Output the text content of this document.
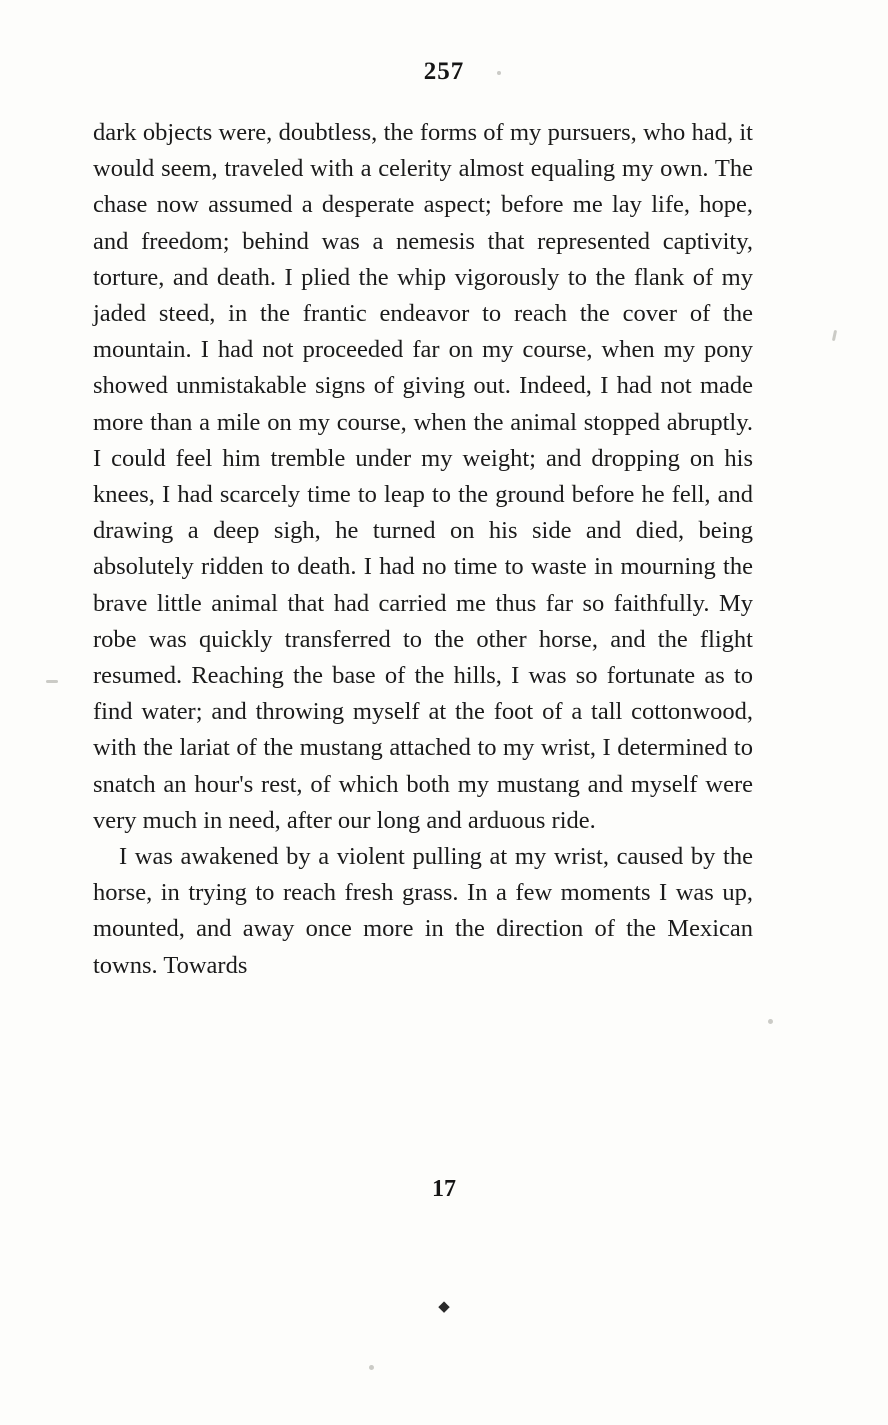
257

dark objects were, doubtless, the forms of my pursuers, who had, it would seem, traveled with a celerity almost equaling my own. The chase now assumed a desperate aspect; before me lay life, hope, and freedom; behind was a nemesis that represented captivity, torture, and death. I plied the whip vigorously to the flank of my jaded steed, in the frantic endeavor to reach the cover of the mountain. I had not proceeded far on my course, when my pony showed unmistakable signs of giving out. Indeed, I had not made more than a mile on my course, when the animal stopped abruptly. I could feel him tremble under my weight; and dropping on his knees, I had scarcely time to leap to the ground before he fell, and drawing a deep sigh, he turned on his side and died, being absolutely ridden to death. I had no time to waste in mourning the brave little animal that had carried me thus far so faithfully. My robe was quickly transferred to the other horse, and the flight resumed. Reaching the base of the hills, I was so fortunate as to find water; and throwing myself at the foot of a tall cottonwood, with the lariat of the mustang attached to my wrist, I determined to snatch an hour's rest, of which both my mustang and myself were very much in need, after our long and arduous ride.

I was awakened by a violent pulling at my wrist, caused by the horse, in trying to reach fresh grass. In a few moments I was up, mounted, and away once more in the direction of the Mexican towns. Towards

17
◆
